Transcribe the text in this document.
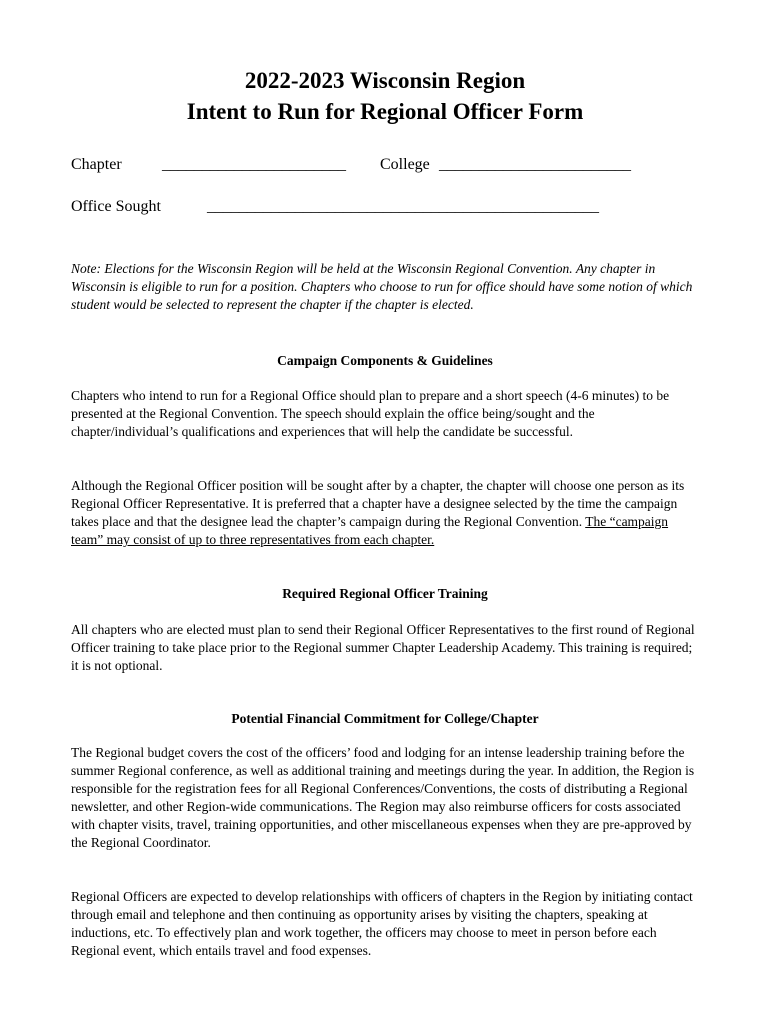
2022-2023 Wisconsin Region
Intent to Run for Regional Officer Form
Chapter	_______________________ College ________________________
Office Sought	_________________________________________________
Note: Elections for the Wisconsin Region will be held at the Wisconsin Regional Convention. Any chapter in Wisconsin is eligible to run for a position. Chapters who choose to run for office should have some notion of which student would be selected to represent the chapter if the chapter is elected.
Campaign Components & Guidelines
Chapters who intend to run for a Regional Office should plan to prepare and a short speech (4-6 minutes) to be presented at the Regional Convention. The speech should explain the office being/sought and the chapter/individual’s qualifications and experiences that will help the candidate be successful.
Although the Regional Officer position will be sought after by a chapter, the chapter will choose one person as its Regional Officer Representative. It is preferred that a chapter have a designee selected by the time the campaign takes place and that the designee lead the chapter’s campaign during the Regional Convention. The “campaign team” may consist of up to three representatives from each chapter.
Required Regional Officer Training
All chapters who are elected must plan to send their Regional Officer Representatives to the first round of Regional Officer training to take place prior to the Regional summer Chapter Leadership Academy. This training is required; it is not optional.
Potential Financial Commitment for College/Chapter
The Regional budget covers the cost of the officers’ food and lodging for an intense leadership training before the summer Regional conference, as well as additional training and meetings during the year. In addition, the Region is responsible for the registration fees for all Regional Conferences/Conventions, the costs of distributing a Regional newsletter, and other Region-wide communications. The Region may also reimburse officers for costs associated with chapter visits, travel, training opportunities, and other miscellaneous expenses when they are pre-approved by the Regional Coordinator.
Regional Officers are expected to develop relationships with officers of chapters in the Region by initiating contact through email and telephone and then continuing as opportunity arises by visiting the chapters, speaking at inductions, etc. To effectively plan and work together, the officers may choose to meet in person before each Regional event, which entails travel and food expenses.
